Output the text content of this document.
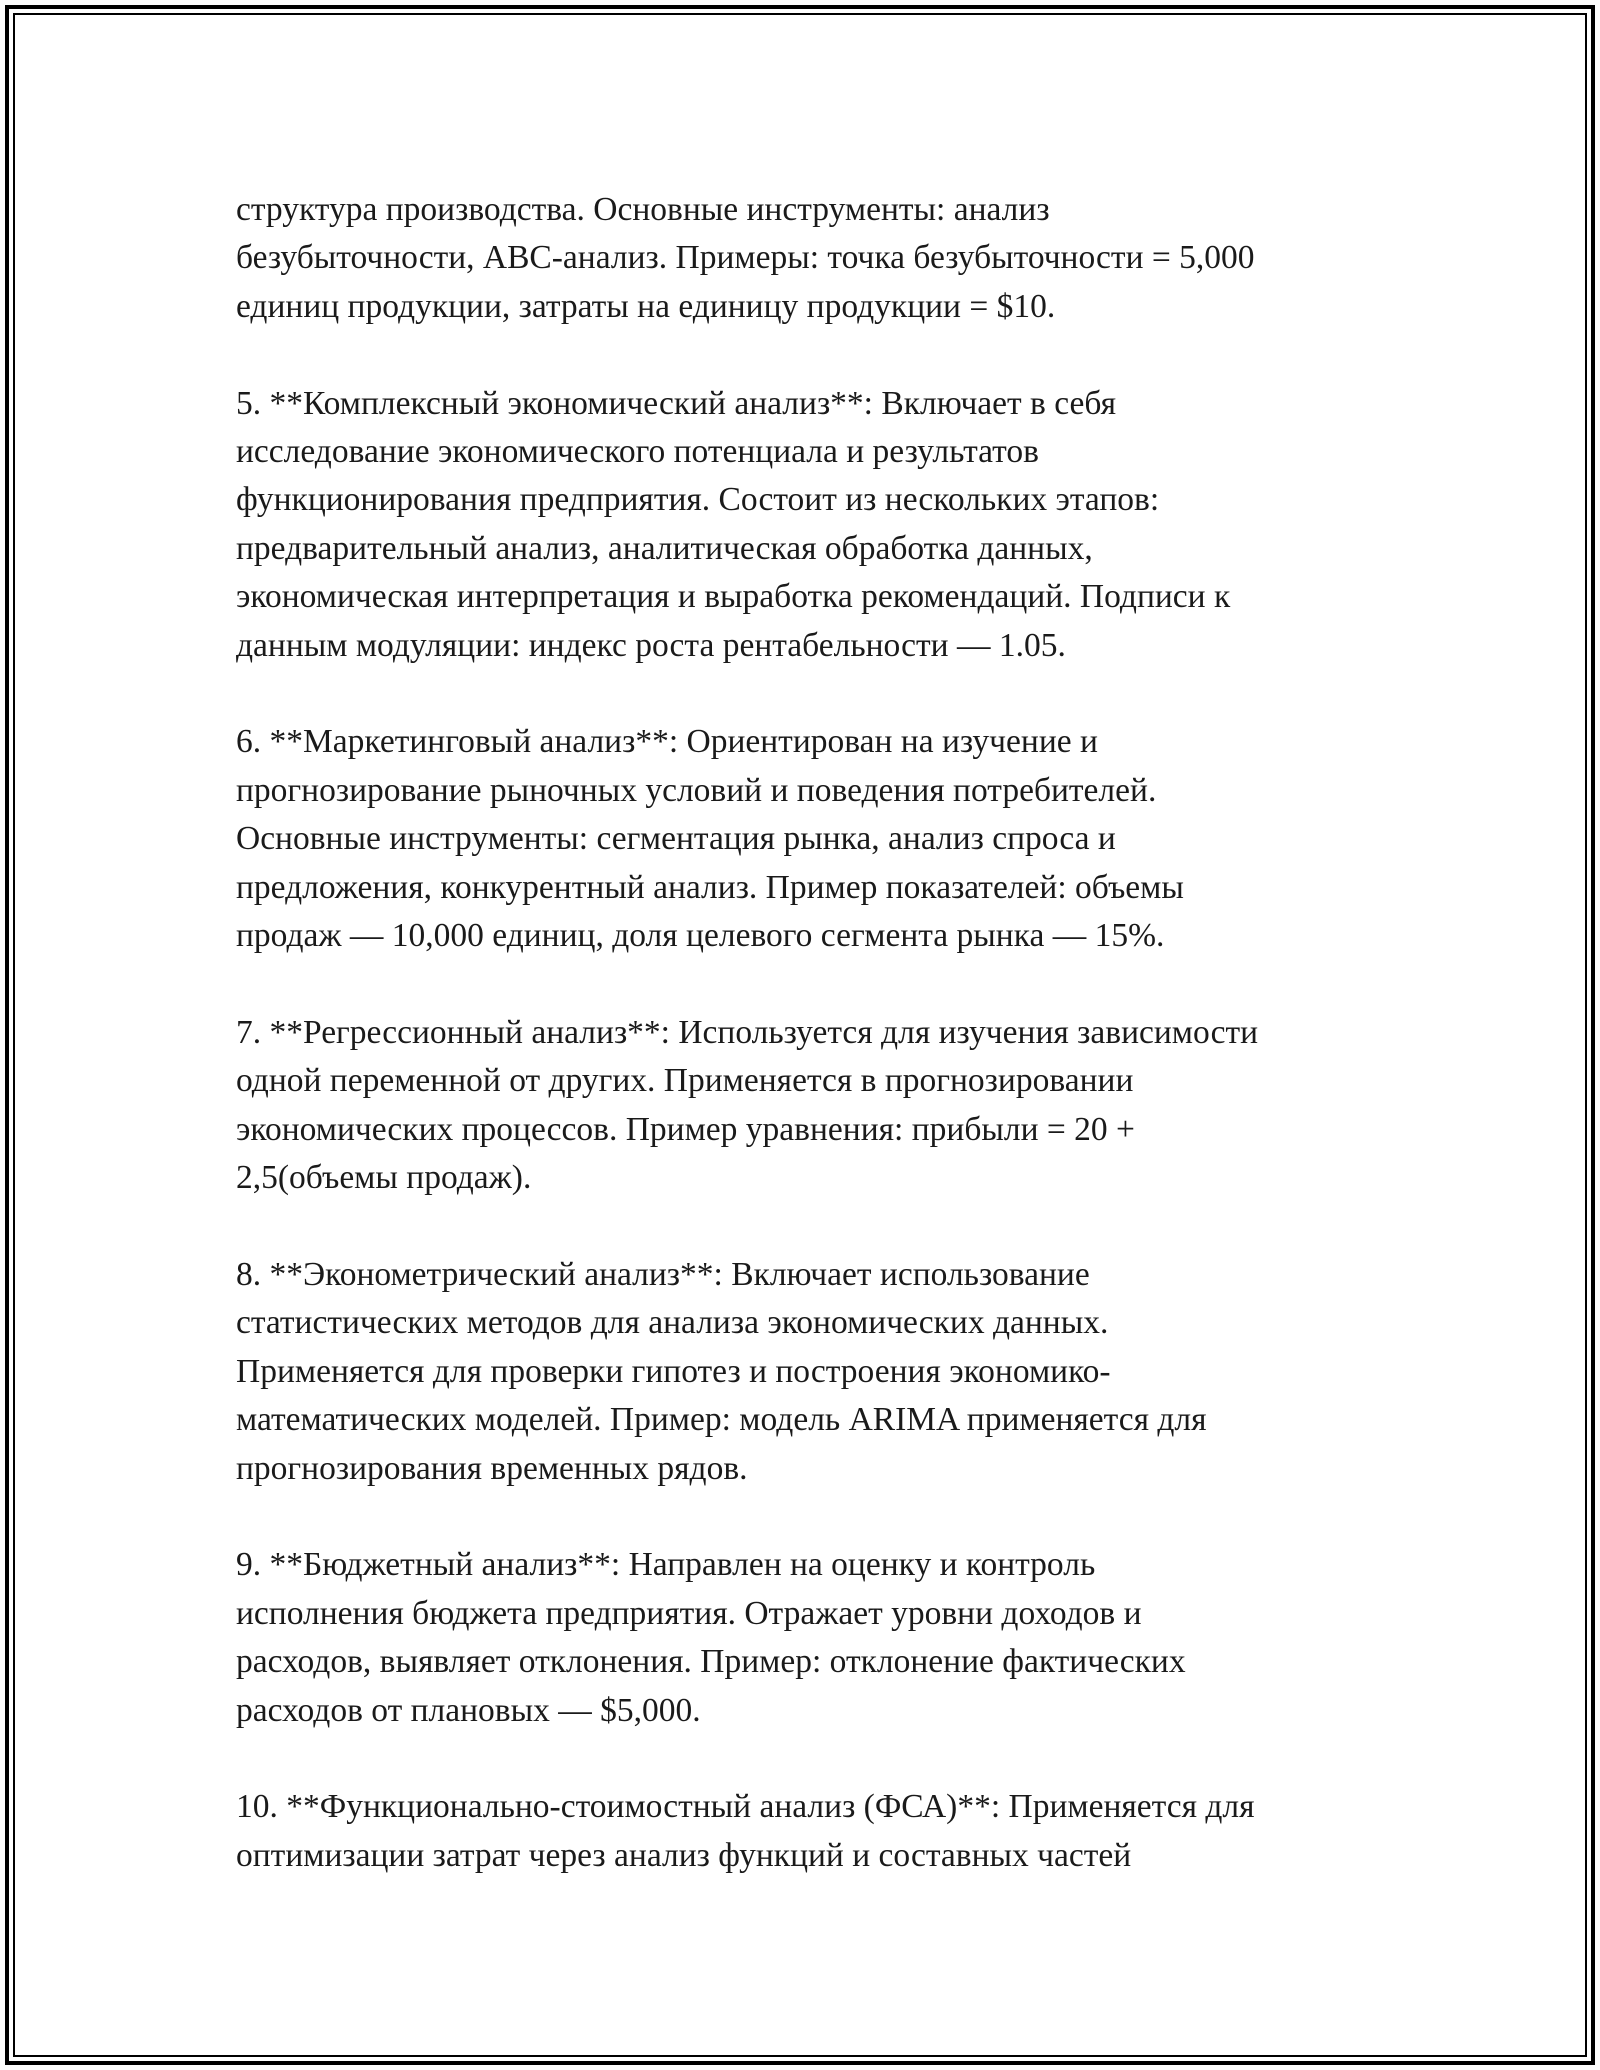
структура производства. Основные инструменты: анализ
безубыточности, ABC-анализ. Примеры: точка безубыточности = 5,000
единиц продукции, затраты на единицу продукции = $10.

5. **Комплексный экономический анализ**: Включает в себя
исследование экономического потенциала и результатов
функционирования предприятия. Состоит из нескольких этапов:
предварительный анализ, аналитическая обработка данных,
экономическая интерпретация и выработка рекомендаций. Подписи к
данным модуляции: индекс роста рентабельности — 1.05.

6. **Маркетинговый анализ**: Ориентирован на изучение и
прогнозирование рыночных условий и поведения потребителей.
Основные инструменты: сегментация рынка, анализ спроса и
предложения, конкурентный анализ. Пример показателей: объемы
продаж — 10,000 единиц, доля целевого сегмента рынка — 15%.

7. **Регрессионный анализ**: Используется для изучения зависимости
одной переменной от других. Применяется в прогнозировании
экономических процессов. Пример уравнения: прибыли = 20 +
2,5(объемы продаж).

8. **Эконометрический анализ**: Включает использование
статистических методов для анализа экономических данных.
Применяется для проверки гипотез и построения экономико-
математических моделей. Пример: модель ARIMA применяется для
прогнозирования временных рядов.

9. **Бюджетный анализ**: Направлен на оценку и контроль
исполнения бюджета предприятия. Отражает уровни доходов и
расходов, выявляет отклонения. Пример: отклонение фактических
расходов от плановых — $5,000.

10. **Функционально-стоимостный анализ (ФСА)**: Применяется для
оптимизации затрат через анализ функций и составных частей
